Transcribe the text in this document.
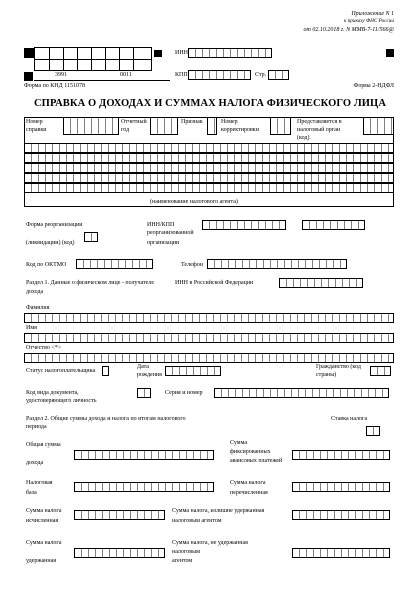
Приложение N 1
к приказу ФНС России
от 02.10.2018 г. N ММВ-7-11/566@
3991	0011
ИНН
КПП	Стр.
Форма по КНД 1151078	Форма 2-НДФЛ
СПРАВКА О ДОХОДАХ И СУММАХ НАЛОГА ФИЗИЧЕСКОГО ЛИЦА
Номер
справки
Отчетный
год
Признак	Номер
корректировки
Представляется в
налоговый орган
(код)
(наименование налогового агента)
Форма реорганизации
(ликвидации) (код)
ИНН/КПП
реорганизованной
организации
Код по ОКТМО	Телефон
Раздел 1. Данные о физическом лице - получателе
дохода
ИНН в Российской Федерации
Фамилия
Имя
Отчество <*>
Статус налогоплательщика
Дата
рождения
Гражданство (код
страны)
Код вида документа,
удостоверяющего личность
Серия и номер
Раздел 2. Общие суммы дохода и налога по итогам налогового
периода
Ставка налога
Общая сумма
дохода
Сумма
фиксированных
авансовых платежей
Налоговая
база
Сумма налога
перечисленная
Сумма налога
исчисленная
Сумма налога, излишне удержанная
налоговым агентом
Сумма налога
удержанная
Сумма налога, не удержанная
налоговым
агентом
